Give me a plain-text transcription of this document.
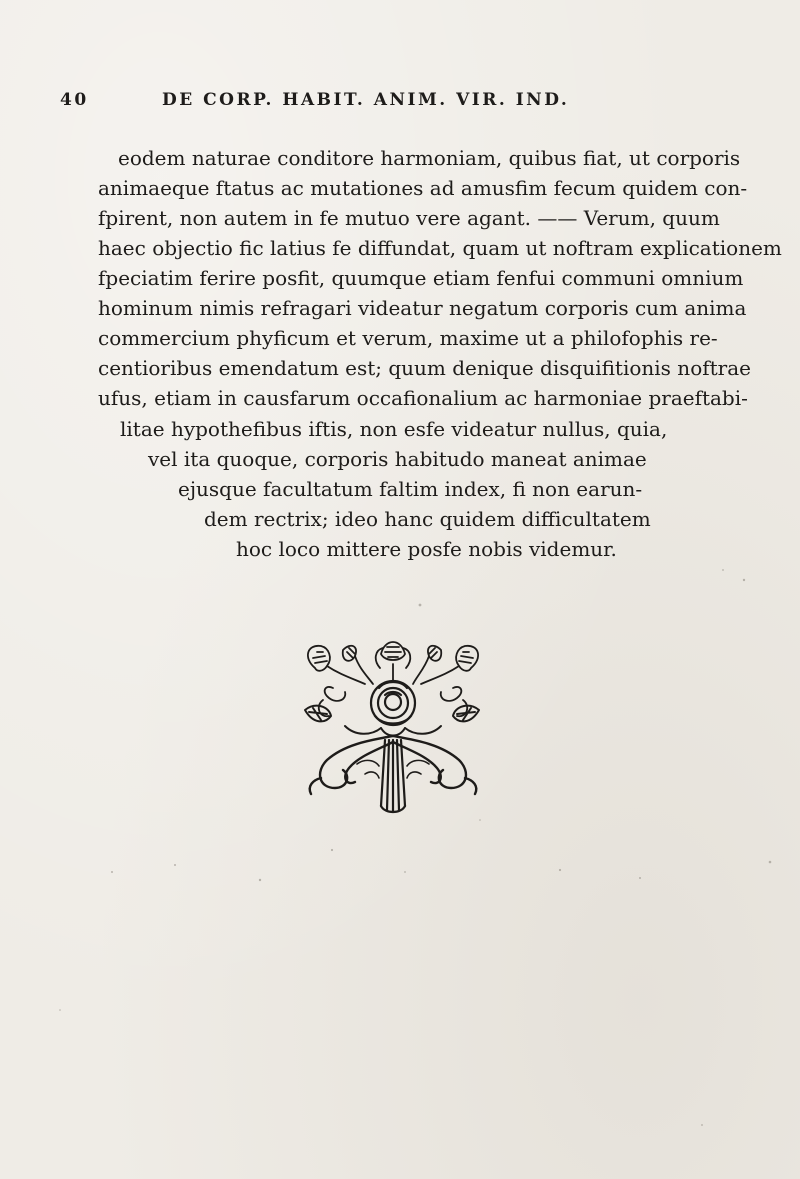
40	DE CORP. HABIT. ANIM. VIR. IND.
eodem naturae conditore harmoniam, quibus fiat, ut corporis
animaeque ftatus ac mutationes ad amusfim fecum quidem con-
fpirent, non autem in fe mutuo vere agant. —— Verum, quum
haec objectio fic latius fe diffundat, quam ut noftram explicationem
fpeciatim ferire posfit, quumque etiam fenfui communi omnium
hominum nimis refragari videatur negatum corporis cum anima
commercium phyficum et verum, maxime ut a philofophis re-
centioribus emendatum est; quum denique disquifitionis noftrae
ufus, etiam in causfarum occafionalium ac harmoniae praeftabi-
litae hypothefibus iftis, non esfe videatur nullus, quia,
vel ita quoque, corporis habitudo maneat animae
ejusque facultatum faltim index, fi non earun-
dem rectrix; ideo hanc quidem difficultatem
hoc loco mittere posfe nobis videmur.
